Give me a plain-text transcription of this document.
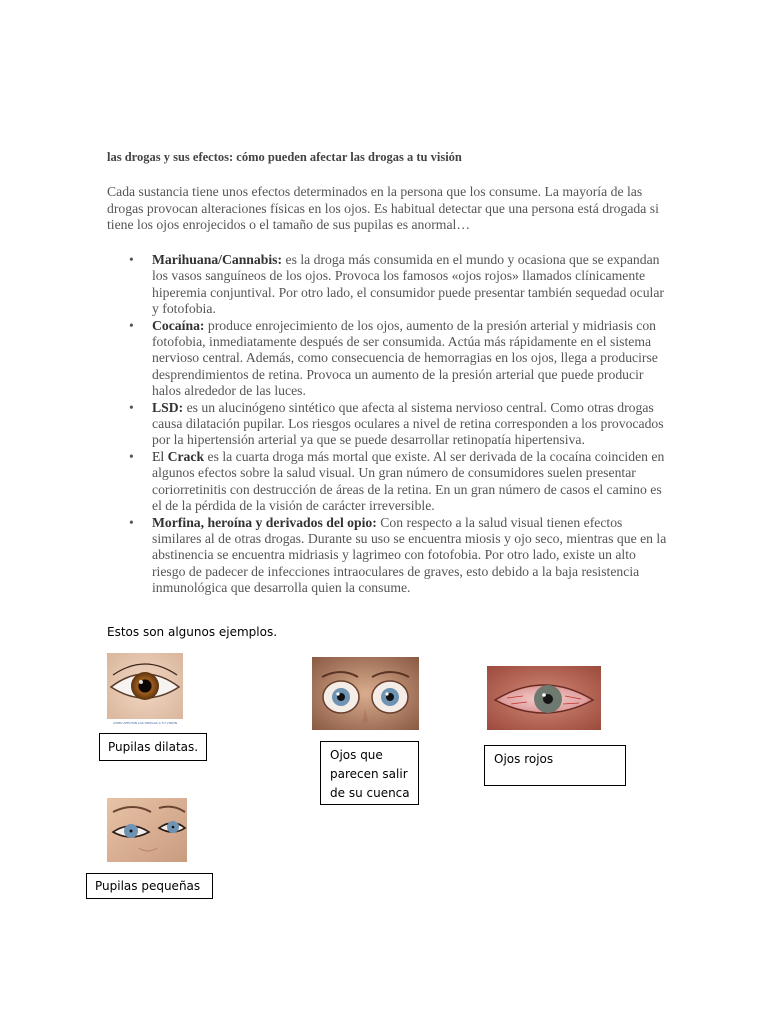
las drogas y sus efectos: cómo pueden afectar las drogas a tu visión
Cada sustancia tiene unos efectos determinados en la persona que los consume. La mayoría de las drogas provocan alteraciones físicas en los ojos. Es habitual detectar que una persona está drogada si tiene los ojos enrojecidos o el tamaño de sus pupilas es anormal…
• Marihuana/Cannabis: es la droga más consumida en el mundo y ocasiona que se expandan los vasos sanguíneos de los ojos. Provoca los famosos «ojos rojos» llamados clínicamente hiperemia conjuntival. Por otro lado, el consumidor puede presentar también sequedad ocular y fotofobia.
• Cocaína: produce enrojecimiento de los ojos, aumento de la presión arterial y midriasis con fotofobia, inmediatamente después de ser consumida. Actúa más rápidamente en el sistema nervioso central. Además, como consecuencia de hemorragias en los ojos, llega a producirse desprendimientos de retina. Provoca un aumento de la presión arterial que puede producir halos alrededor de las luces.
• LSD: es un alucinógeno sintético que afecta al sistema nervioso central. Como otras drogas causa dilatación pupilar. Los riesgos oculares a nivel de retina corresponden a los provocados por la hipertensión arterial ya que se puede desarrollar retinopatía hipertensiva.
• El Crack es la cuarta droga más mortal que existe. Al ser derivada de la cocaína coinciden en algunos efectos sobre la salud visual. Un gran número de consumidores suelen presentar coriorretinitis con destrucción de áreas de la retina. En un gran número de casos el camino es el de la pérdida de la visión de carácter irreversible.
• Morfina, heroína y derivados del opio: Con respecto a la salud visual tienen efectos similares al de otras drogas. Durante su uso se encuentra miosis y ojo seco, mientras que en la abstinencia se encuentra midriasis y lagrimeo con fotofobia. Por otro lado, existe un alto riesgo de padecer de infecciones intraoculares de graves, esto debido a la baja resistencia inmunológica que desarrolla quien la consume.
Estos son algunos ejemplos.
CÓMO AFECTAN LAS DROGAS A TU VISIÓN
Pupilas dilatas.
Ojos que
parecen salir
de su cuenca
Ojos rojos
Pupilas pequeñas
